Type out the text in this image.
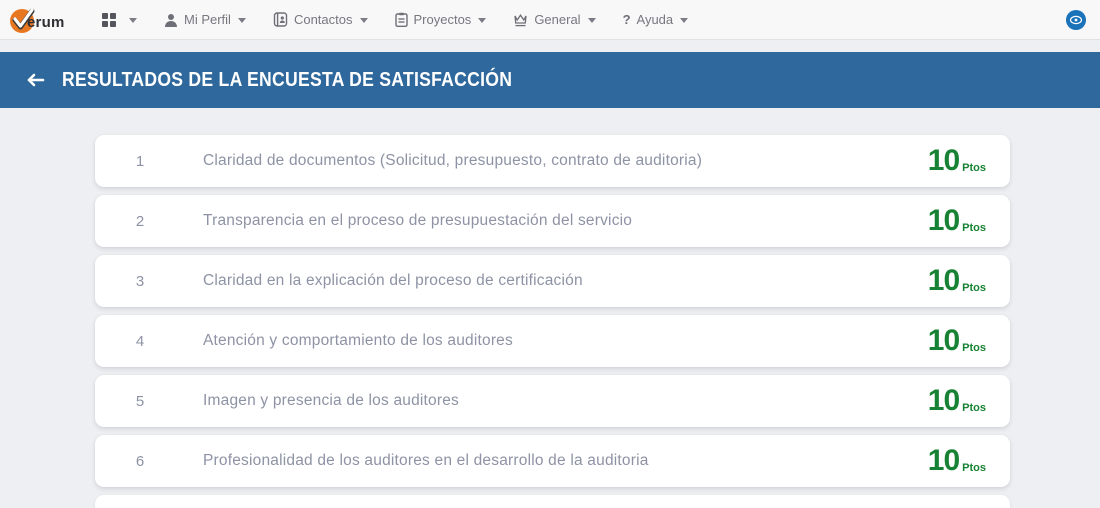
erum	Mi Perfil	Contactos	Proyectos	General	? Ayuda
RESULTADOS DE LA ENCUESTA DE SATISFACCIÓN
1	Claridad de documentos (Solicitud, presupuesto, contrato de auditoria)	10 Ptos
2	Transparencia en el proceso de presupuestación del servicio	10 Ptos
3	Claridad en la explicación del proceso de certificación	10 Ptos
4	Atención y comportamiento de los auditores	10 Ptos
5	Imagen y presencia de los auditores	10 Ptos
6	Profesionalidad de los auditores en el desarrollo de la auditoria	10 Ptos
